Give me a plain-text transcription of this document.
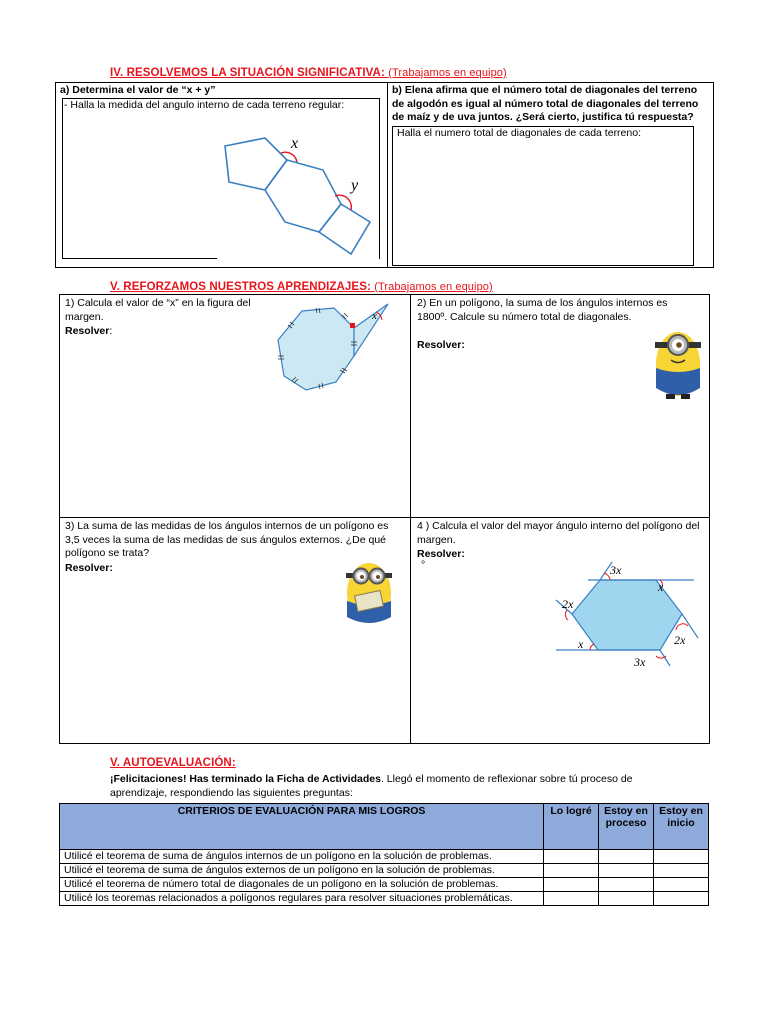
IV. RESOLVEMOS LA SITUACIÓN SIGNIFICATIVA: (Trabajamos en equipo)
a) Determina el valor de “x + y”
- Halla la medida del angulo interno de cada terreno regular:
x
y
b) Elena afirma que el número total de diagonales del terreno de algodón es igual al número total de diagonales del terreno de maíz y de uva juntos. ¿Será cierto, justifica tú respuesta?
Halla el numero total de diagonales de cada terreno:
V. REFORZAMOS NUESTROS APRENDIZAJES: (Trabajamos en equipo)
1) Calcula el valor de “x” en la figura del margen.
Resolver:
x
2) En un polígono, la suma de los ángulos internos es 1800º. Calcule su número total de diagonales.
Resolver:
3) La suma de las medidas de los ángulos internos de un polígono es 3,5 veces la suma de las medidas de sus ángulos externos. ¿De qué polígono se trata?
Resolver:
4 ) Calcula el valor del mayor ángulo interno del polígono del margen.
Resolver:
°	3x
x
2x
2x
x
3x
V. AUTOEVALUACIÓN:
¡Felicitaciones! Has terminado la Ficha de Actividades. Llegó el momento de reflexionar sobre tú proceso de aprendizaje, respondiendo las siguientes preguntas:
CRITERIOS DE EVALUACIÓN PARA MIS LOGROS	Lo logré	Estoy en proceso	Estoy en inicio
Utilicé el teorema de suma de ángulos internos de un polígono en la solución de problemas.			
Utilicé el teorema de suma de ángulos externos de un polígono en la solución de problemas.			
Utilicé el teorema de número total de diagonales de un polígono en la solución de problemas.			
Utilicé los teoremas relacionados a polígonos regulares para resolver situaciones problemáticas.			
